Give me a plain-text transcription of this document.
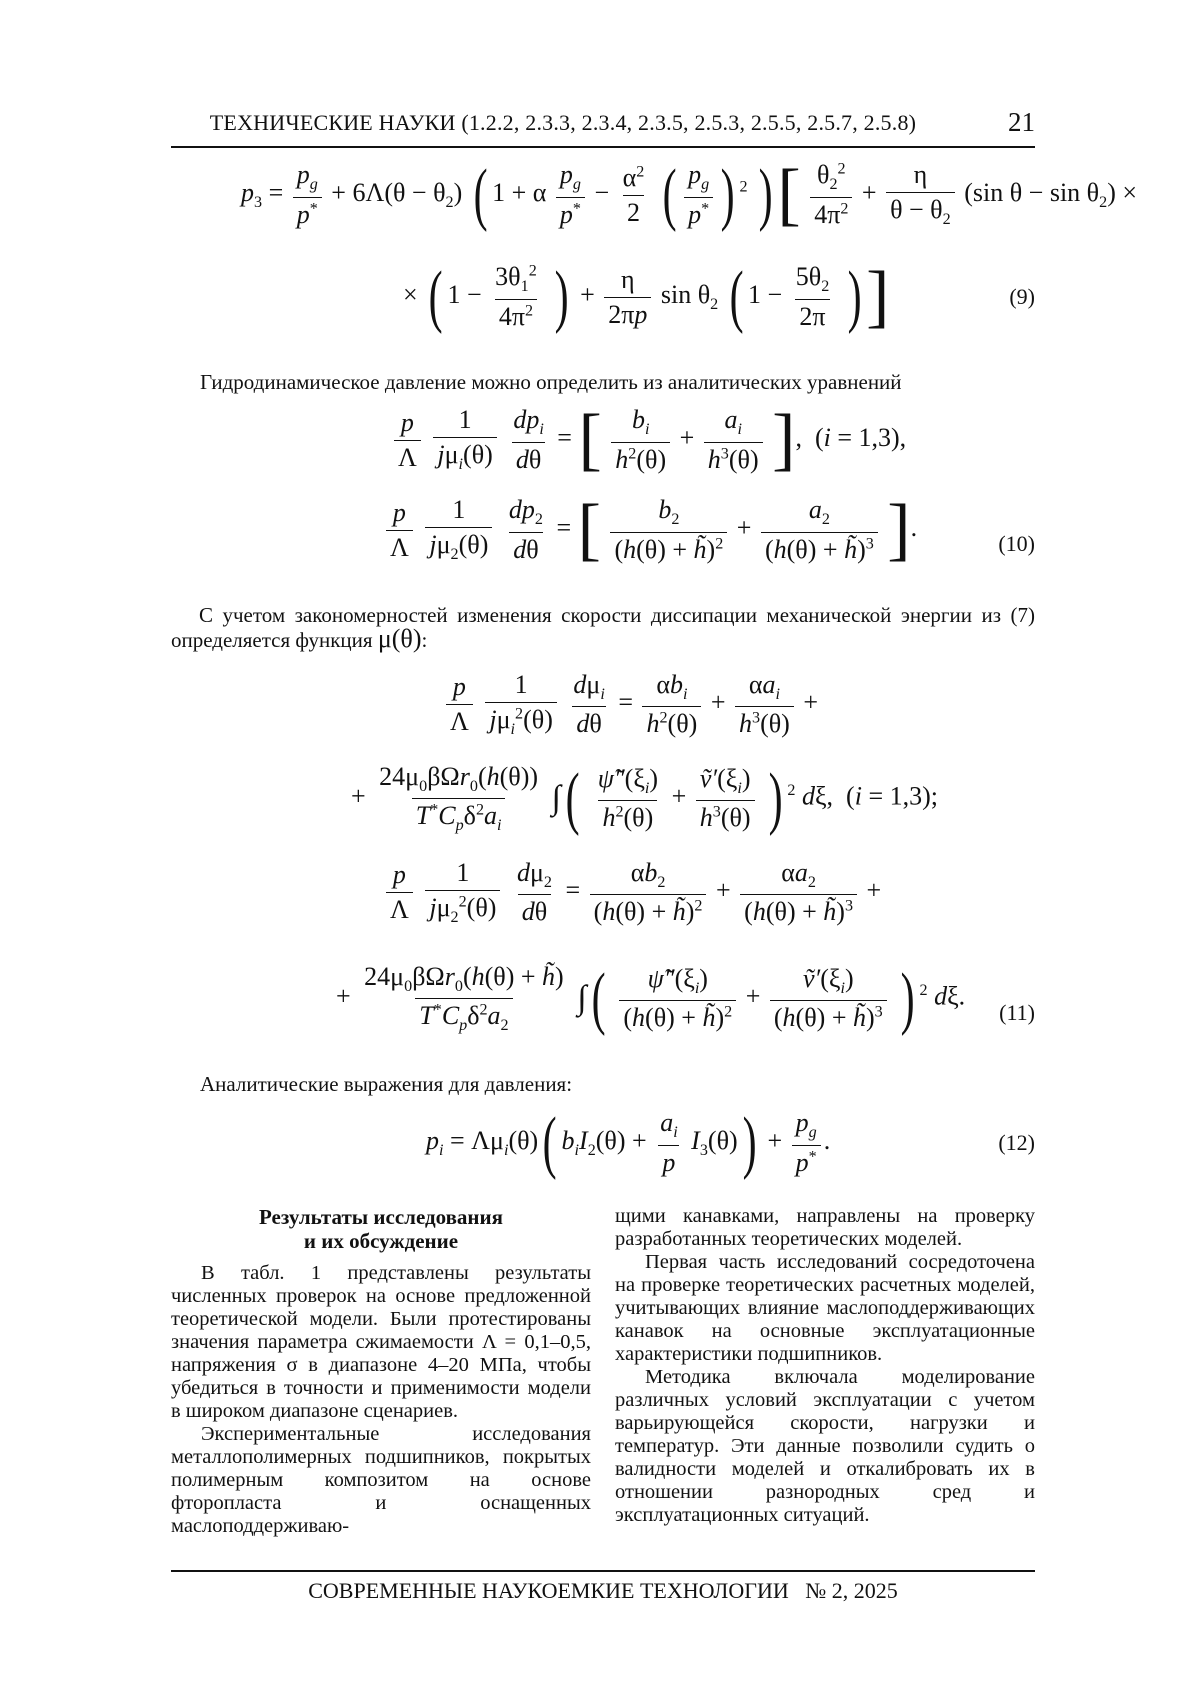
ТЕХНИЧЕСКИЕ НАУКИ (1.2.2, 2.3.3, 2.3.4, 2.3.5, 2.5.3, 2.5.5, 2.5.7, 2.5.8)	21
$p_3 = \frac{p_g}{p^*} + 6\Lambda(\theta - \theta_2)$ ( 1 + α $\frac{p_g}{p^*} - \frac{\alpha^2}{2}$ ( $\frac{p_g}{p^*}$ ) $^2$ )[ $\frac{\theta_2^2}{4\pi^2} + \frac{\eta}{\theta - \theta_2} (\sin$ $\theta - \sin \theta_2$) ×
× ( $1 - \frac{3\theta_1^2}{4\pi^2}$ ) + $\frac{\eta}{2\pi p}$ $\sin \theta_2$ ( $1 - \frac{5\theta_2}{2\pi}$ )]	(9)
Гидродинамическое давление можно определить из аналитических уравнений
$\frac{p}{\Lambda}$
$\frac{1}{j\mu_i(\theta)}$
$\frac{dp_i}{d\theta}$ = [ $\frac{b_i}{h^2(\theta)} + \frac{a_i}{h^3(\theta)}$ ],  (i = 1,3),
$\frac{p}{\Lambda}$
$\frac{1}{j\mu_2(\theta)}$
$\frac{dp_2}{d\theta}$ = [ $\frac{b_2}{(h(\theta) + h̃)^2} + \frac{a_2}{(h(\theta) + h̃)^3}$ ].
(10)

С учетом закономерностей изменения скорости диссипации механической энергии из (7) определяется функция μ(θ):

$\frac{p}{\Lambda}$
$\frac{1}{j\mu_i^2(\theta)}$
$\frac{d\mu_i}{d\theta} = \frac{\alpha b_i}{h^2(\theta)} + \frac{\alpha a_i}{h^3(\theta)}$ +
+ $\frac{24\mu_0\beta\Omega r_0(h(\theta))}{T^*C_p\delta^2a_i}$ ∫( $\frac{\psĩ''(\xi_i)}{h^2(\theta)} + \frac{ṽ'(\xi_i)}{h^3(\theta)}$ ) $^2$ dξ,  (i = 1,3);
$\frac{p}{\Lambda}$
$\frac{1}{j\mu_2^2(\theta)}$
$\frac{d\mu_2}{d\theta} = \frac{\alpha b_2}{(h(\theta) + h̃)^2} + \frac{\alpha a_2}{(h(\theta) + h̃)^3}$ +
+ $\frac{24\mu_0\beta\Omega r_0(h(\theta) + h̃)}{T^*C_p\delta^2a_2}$ ∫( $\frac{\psĩ''(\xi_i)}{(h(\theta) + h̃)^2} + \frac{ṽ'(\xi_i)}{(h(\theta) + h̃)^3}$ ) $^2$ dξ.
(11)
Аналитические выражения для давления:
$p_i = \Lambda\mu_i(\theta)$( $b_iI_2(\theta) + \frac{a_i}{p} I_3(\theta)) + \frac{p_g}{p^*}$ .	(12)
Результаты исследования
и их обсуждение

В табл. 1 представлены результаты численных проверок на основе предложенной теоретической модели. Были протестированы значения параметра сжимаемости Λ = 0,1–0,5, напряжения σ в диапазоне 4–20 МПа, чтобы убедиться в точности и применимости модели в широком диапазоне сценариев.

Экспериментальные исследования металлополимерных подшипников, покрытых полимерным композитом на основе фторопласта и оснащенных маслоподдерживаю-

щими канавками, направлены на проверку разработанных теоретических моделей.

Первая часть исследований сосредоточена на проверке теоретических расчетных моделей, учитывающих влияние маслоподдерживающих канавок на основные эксплуатационные характеристики подшипников.

Методика включала моделирование различных условий эксплуатации с учетом варьирующейся скорости, нагрузки и температур. Эти данные позволили судить о валидности моделей и откалибровать их в отношении разнородных сред и эксплуатационных ситуаций.

СОВРЕМЕННЫЕ НАУКОЕМКИЕ ТЕХНОЛОГИИ   № 2, 2025
